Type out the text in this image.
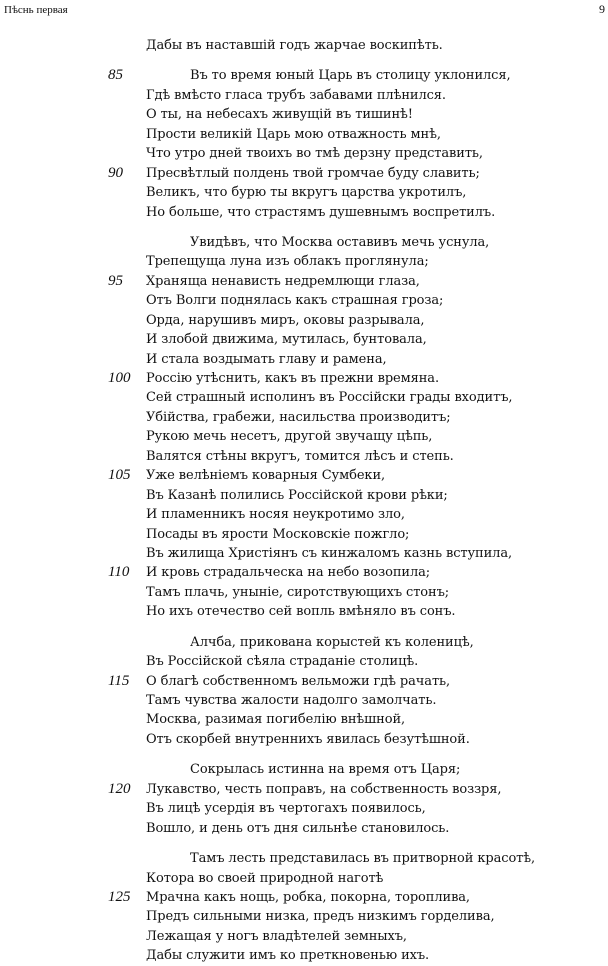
Пѣснь первая	9
Дабы въ наставшій годъ жарчае воскипѣть.
85	Въ то время юный Царь въ столицу уклонился,
Гдѣ вмѣсто гласа трубъ забавами плѣнился.
О ты, на небесахъ живущій въ тишинѣ!
Прости великій Царь мою отважность мнѣ,
Что утро дней твоихъ во тмѣ дерзну представить,
90 Пресвѣтлый полдень твой громчае буду славить;
Великъ, что бурю ты вкругъ царства укротилъ,
Но больше, что страстямъ душевнымъ воспретилъ.
Увидѣвъ, что Москва оставивъ мечь уснула,
Трепещуща луна изъ облакъ проглянула;
95 Храняща ненависть недремлющи глаза,
Отъ Волги поднялась какъ страшная гроза;
Орда, нарушивъ миръ, оковы разрывала,
И злобой движима, мутилась, бунтовала,
И стала воздымать главу и рамена,
100 Россію утѣснить, какъ въ прежни времяна.
Сей страшный исполинъ въ Россійски грады входитъ,
Убійства, грабежи, насильства производитъ;
Рукою мечь несетъ, другой звучащу цѣпь,
Валятся стѣны вкругъ, томится лѣсъ и степь.
105 Уже велѣніемъ коварныя Сумбеки,
Въ Казанѣ полились Россійской крови рѣки;
И пламенникъ носяя неукротимо зло,
Посады въ ярости Московскіе пожгло;
Въ жилища Христіянъ съ кинжаломъ казнь вступила,
110 И кровь страдальческа на небо возопила;
Тамъ плачь, уныніе, сиротствующихъ стонъ;
Но ихъ отечество сей вопль вмѣняло въ сонъ.
Алчба, прикована корыстей къ коленицѣ,
Въ Россійской сѣяла страданіе столицѣ.
115 О благѣ собственномъ вельможи гдѣ рачать,
Тамъ чувства жалости надолго замолчать.
Москва, разимая погибелію внѣшной,
Отъ скорбей внутреннихъ явилась безутѣшной.
Сокрылась истинна на время отъ Царя;
120 Лукавство, честь поправъ, на собственность воззря,
Въ лицѣ усердія въ чертогахъ появилось,
Вошло, и день отъ дня сильнѣе становилось.
Тамъ лесть представилась въ притворной красотѣ,
Котора во своей природной наготѣ
125 Мрачна какъ нощь, робка, покорна, тороплива,
Предъ сильными низка, предъ низкимъ горделива,
Лежащая у ногъ владѣтелей земныхъ,
Дабы служити имъ ко преткновенью ихъ.
